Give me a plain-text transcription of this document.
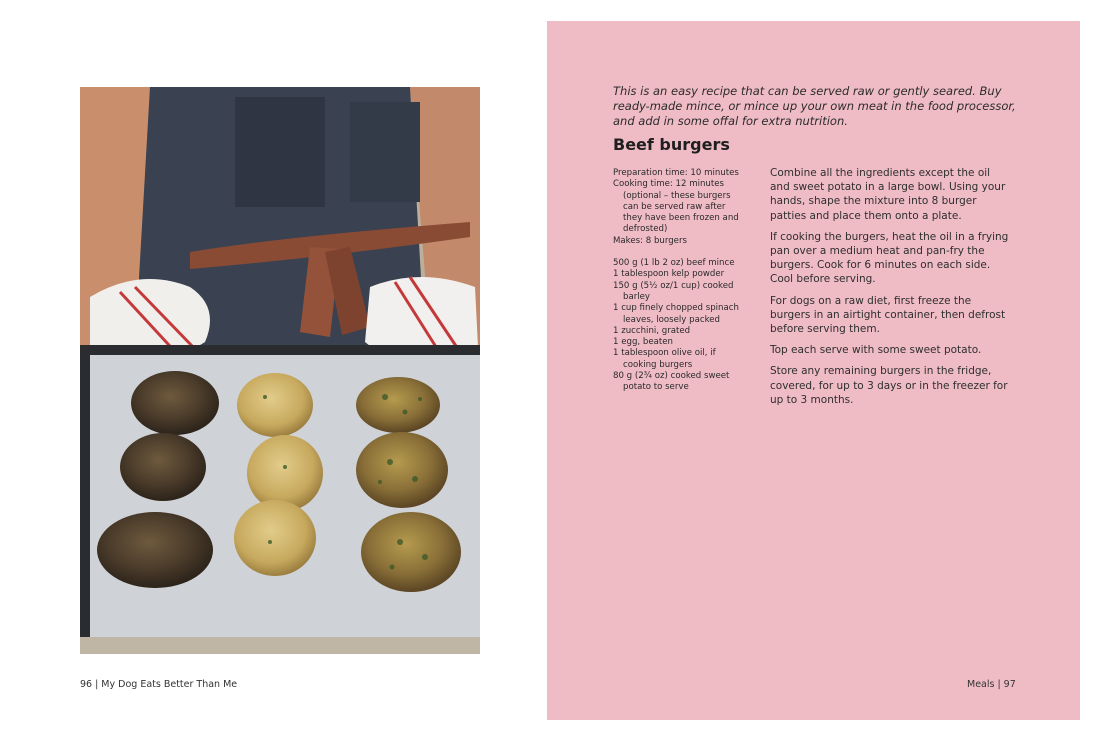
96 | My Dog Eats Better Than Me

This is an easy recipe that can be served raw or gently seared. Buy ready-made mince, or mince up your own meat in the food processor, and add in some offal for extra nutrition.

Beef burgers
Preparation time: 10 minutes
Cooking time: 12 minutes
(optional – these burgers
can be served raw after
they have been frozen and
defrosted)
Makes: 8 burgers
500 g (1 lb 2 oz) beef mince
1 tablespoon kelp powder
150 g (5½ oz/1 cup) cooked
barley
1 cup finely chopped spinach
leaves, loosely packed
1 zucchini, grated
1 egg, beaten
1 tablespoon olive oil, if
cooking burgers
80 g (2¾ oz) cooked sweet
potato to serve

Combine all the ingredients except the oil and sweet potato in a large bowl. Using your hands, shape the mixture into 8 burger patties and place them onto a plate.

If cooking the burgers, heat the oil in a frying pan over a medium heat and pan-fry the burgers. Cook for 6 minutes on each side. Cool before serving.

For dogs on a raw diet, first freeze the burgers in an airtight container, then defrost before serving them.

Top each serve with some sweet potato.

Store any remaining burgers in the fridge, covered, for up to 3 days or in the freezer for up to 3 months.

Meals | 97
